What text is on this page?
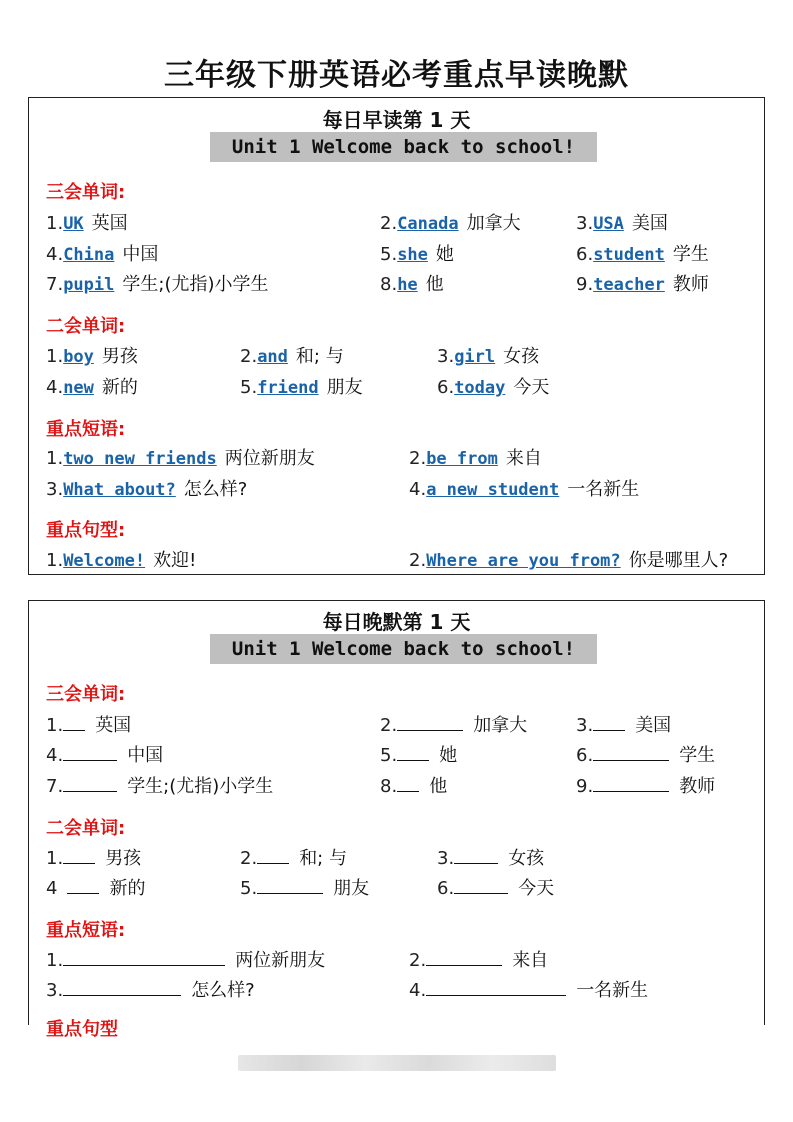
三年级下册英语必考重点早读晚默
每日早读第 1 天
Unit 1 Welcome back to school!
三会单词:
1.UK 英国	2.Canada 加拿大	3.USA 美国
4.China 中国	5.she 她	6.student 学生
7.pupil 学生;(尤指)小学生	8.he 他	9.teacher 教师
二会单词:
1.boy 男孩	2.and 和; 与	3.girl 女孩
4.new 新的	5.friend 朋友	6.today 今天
重点短语:
1.two new friends 两位新朋友	2.be from 来自
3.What about? 怎么样?	4.a new student 一名新生
重点句型:
1.Welcome! 欢迎!	2.Where are you from? 你是哪里人?
每日晚默第 1 天
Unit 1 Welcome back to school!
三会单词:
1. 英国	2.	加拿大	3. 美国
4.	中国	5. 她	6.	学生
7.	学生;(尤指)小学生	8. 他	9.	教师
二会单词:
1. 男孩	2. 和; 与	3.	女孩
4	新的	5.	朋友	6.	今天
重点短语:
1.	两位新朋友	2.	来自
3.	怎么样?	4.	一名新生
重点句型
